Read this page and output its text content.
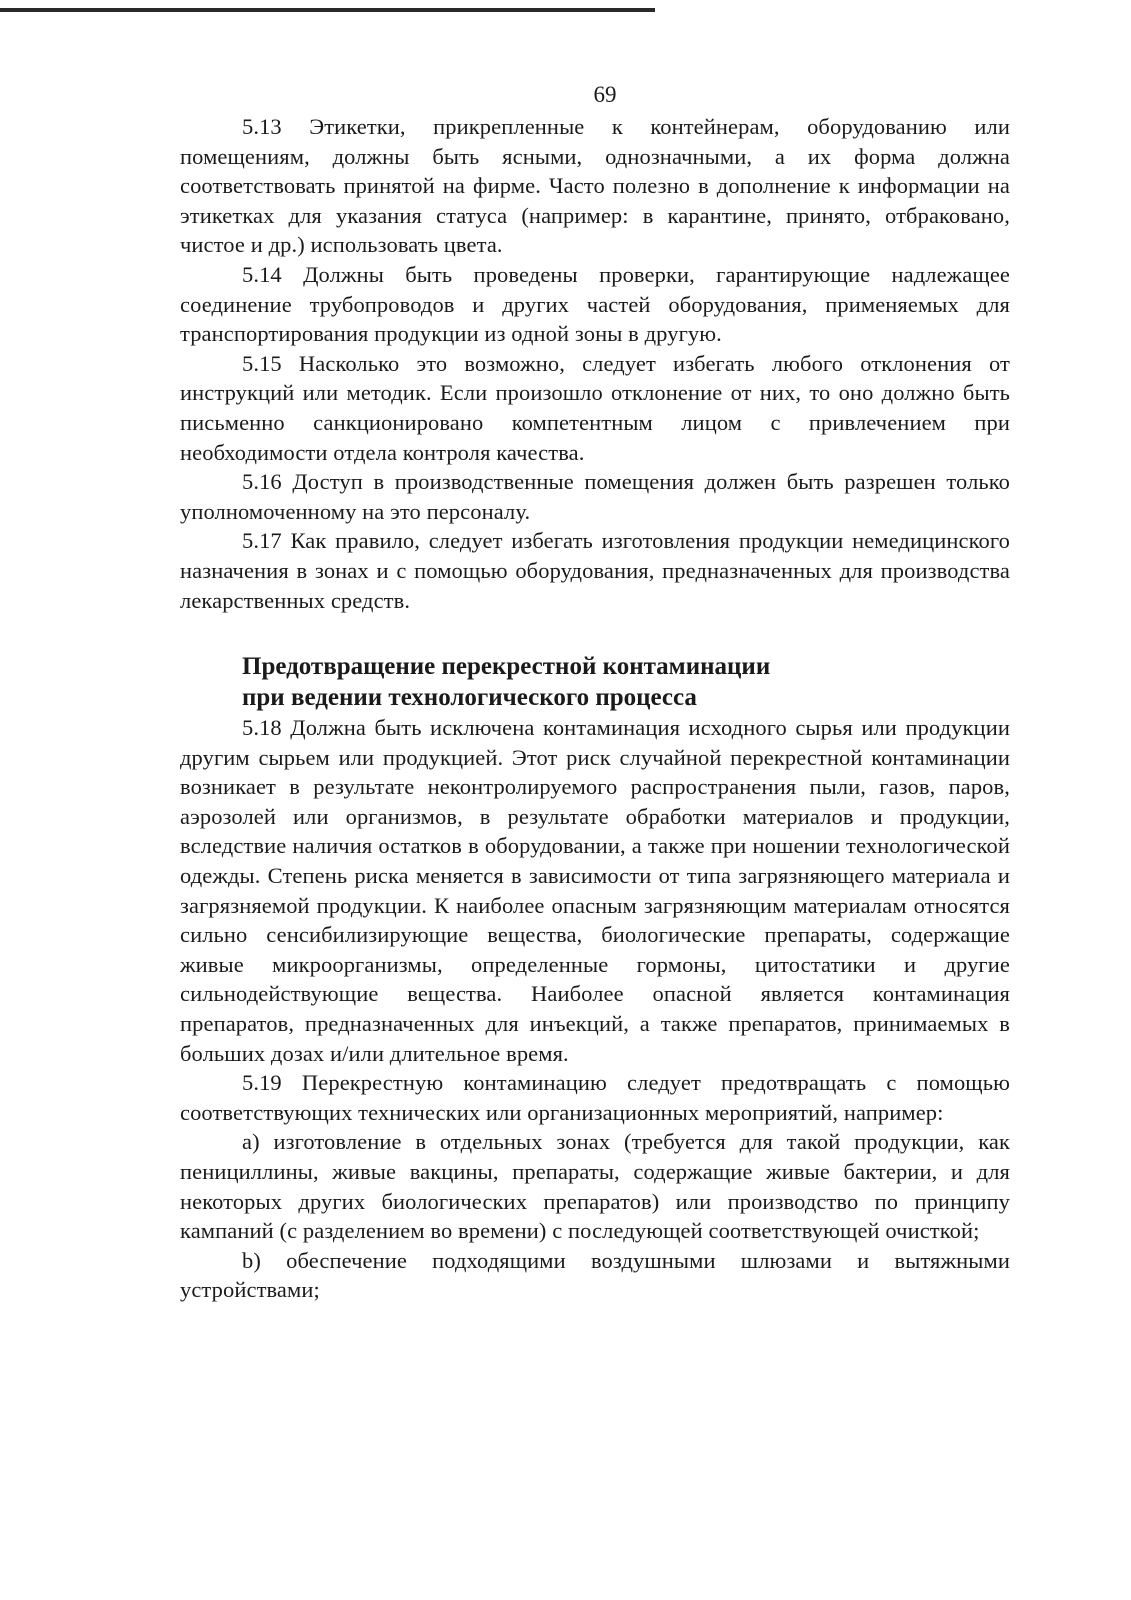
69

5.13 Этикетки, прикрепленные к контейнерам, оборудованию или помещениям, должны быть ясными, однозначными, а их форма должна соответствовать принятой на фирме. Часто полезно в дополнение к информации на этикетках для указания статуса (например: в карантине, принято, отбраковано, чистое и др.) использовать цвета.

5.14 Должны быть проведены проверки, гарантирующие надлежащее соединение трубопроводов и других частей оборудования, применяемых для транспортирования продукции из одной зоны в другую.

5.15 Насколько это возможно, следует избегать любого отклонения от инструкций или методик. Если произошло отклонение от них, то оно должно быть письменно санкционировано компетентным лицом с привлечением при необходимости отдела контроля качества.

5.16 Доступ в производственные помещения должен быть разрешен только уполномоченному на это персоналу.

5.17 Как правило, следует избегать изготовления продукции немедицинского назначения в зонах и с помощью оборудования, предназначенных для производства лекарственных средств.

Предотвращение перекрестной контаминации
при ведении технологического процесса

5.18 Должна быть исключена контаминация исходного сырья или продукции другим сырьем или продукцией. Этот риск случайной перекрестной контаминации возникает в результате неконтролируемого распространения пыли, газов, паров, аэрозолей или организмов, в результате обработки материалов и продукции, вследствие наличия остатков в оборудовании, а также при ношении технологической одежды. Степень риска меняется в зависимости от типа загрязняющего материала и загрязняемой продукции. К наиболее опасным загрязняющим материалам относятся сильно сенсибилизирующие вещества, биологические препараты, содержащие живые микроорганизмы, определенные гормоны, цитостатики и другие сильнодействующие вещества. Наиболее опасной является контаминация препаратов, предназначенных для инъекций, а также препаратов, принимаемых в больших дозах и/или длительное время.

5.19 Перекрестную контаминацию следует предотвращать с помощью соответствующих технических или организационных мероприятий, например:

a) изготовление в отдельных зонах (требуется для такой продукции, как пенициллины, живые вакцины, препараты, содержащие живые бактерии, и для некоторых других биологических препаратов) или производство по принципу кампаний (с разделением во времени) с последующей соответствующей очисткой;

b) обеспечение подходящими воздушными шлюзами и вытяжными устройствами;
